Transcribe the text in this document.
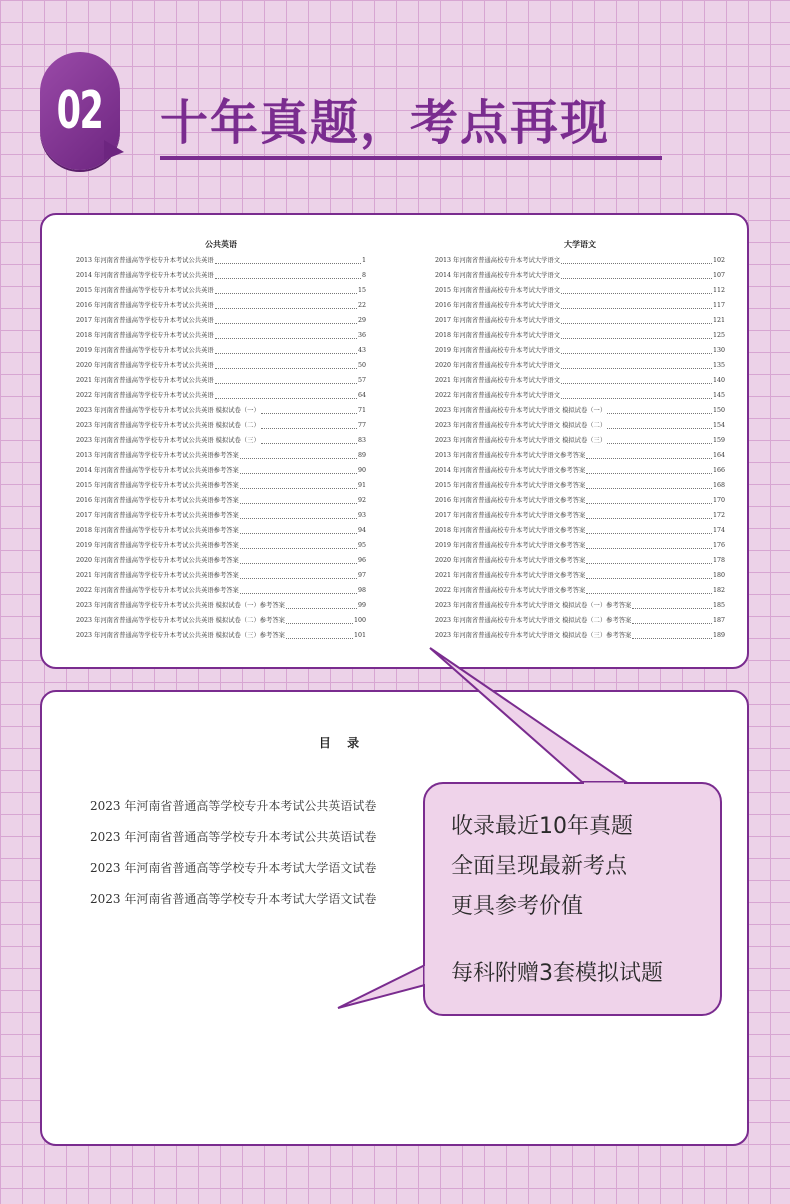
02 十年真题，考点再现
公共英语
2013 年河南省普通高等学校专升本考试公共英语	1
2014 年河南省普通高等学校专升本考试公共英语	8
2015 年河南省普通高等学校专升本考试公共英语	15
2016 年河南省普通高等学校专升本考试公共英语	22
2017 年河南省普通高等学校专升本考试公共英语	29
2018 年河南省普通高等学校专升本考试公共英语	36
2019 年河南省普通高等学校专升本考试公共英语	43
2020 年河南省普通高等学校专升本考试公共英语	50
2021 年河南省普通高等学校专升本考试公共英语	57
2022 年河南省普通高等学校专升本考试公共英语	64
2023 年河南省普通高等学校专升本考试公共英语 模拟试卷（一）	71
2023 年河南省普通高等学校专升本考试公共英语 模拟试卷（二）	77
2023 年河南省普通高等学校专升本考试公共英语 模拟试卷（三）	83
2013 年河南省普通高等学校专升本考试公共英语参考答案	89
2014 年河南省普通高等学校专升本考试公共英语参考答案	90
2015 年河南省普通高等学校专升本考试公共英语参考答案	91
2016 年河南省普通高等学校专升本考试公共英语参考答案	92
2017 年河南省普通高等学校专升本考试公共英语参考答案	93
2018 年河南省普通高等学校专升本考试公共英语参考答案	94
2019 年河南省普通高等学校专升本考试公共英语参考答案	95
2020 年河南省普通高等学校专升本考试公共英语参考答案	96
2021 年河南省普通高等学校专升本考试公共英语参考答案	97
2022 年河南省普通高等学校专升本考试公共英语参考答案	98
2023 年河南省普通高等学校专升本考试公共英语 模拟试卷（一）参考答案	99
2023 年河南省普通高等学校专升本考试公共英语 模拟试卷（二）参考答案	100
2023 年河南省普通高等学校专升本考试公共英语 模拟试卷（三）参考答案	101
大学语文
2013 年河南省普通高校专升本考试大学语文	102
2014 年河南省普通高校专升本考试大学语文	107
2015 年河南省普通高校专升本考试大学语文	112
2016 年河南省普通高校专升本考试大学语文	117
2017 年河南省普通高校专升本考试大学语文	121
2018 年河南省普通高校专升本考试大学语文	125
2019 年河南省普通高校专升本考试大学语文	130
2020 年河南省普通高校专升本考试大学语文	135
2021 年河南省普通高校专升本考试大学语文	140
2022 年河南省普通高校专升本考试大学语文	145
2023 年河南省普通高校专升本考试大学语文 模拟试卷（一）	150
2023 年河南省普通高校专升本考试大学语文 模拟试卷（二）	154
2023 年河南省普通高校专升本考试大学语文 模拟试卷（三）	159
2013 年河南省普通高校专升本考试大学语文参考答案	164
2014 年河南省普通高校专升本考试大学语文参考答案	166
2015 年河南省普通高校专升本考试大学语文参考答案	168
2016 年河南省普通高校专升本考试大学语文参考答案	170
2017 年河南省普通高校专升本考试大学语文参考答案	172
2018 年河南省普通高校专升本考试大学语文参考答案	174
2019 年河南省普通高校专升本考试大学语文参考答案	176
2020 年河南省普通高校专升本考试大学语文参考答案	178
2021 年河南省普通高校专升本考试大学语文参考答案	180
2022 年河南省普通高校专升本考试大学语文参考答案	182
2023 年河南省普通高校专升本考试大学语文 模拟试卷（一）参考答案	185
2023 年河南省普通高校专升本考试大学语文 模拟试卷（二）参考答案	187
2023 年河南省普通高校专升本考试大学语文 模拟试卷（三）参考答案	189
目 录
2023 年河南省普通高等学校专升本考试公共英语试卷
2023 年河南省普通高等学校专升本考试公共英语试卷
2023 年河南省普通高等学校专升本考试大学语文试卷
2023 年河南省普通高等学校专升本考试大学语文试卷
收录最近10年真题
全面呈现最新考点
更具参考价值
每科附赠3套模拟试题
